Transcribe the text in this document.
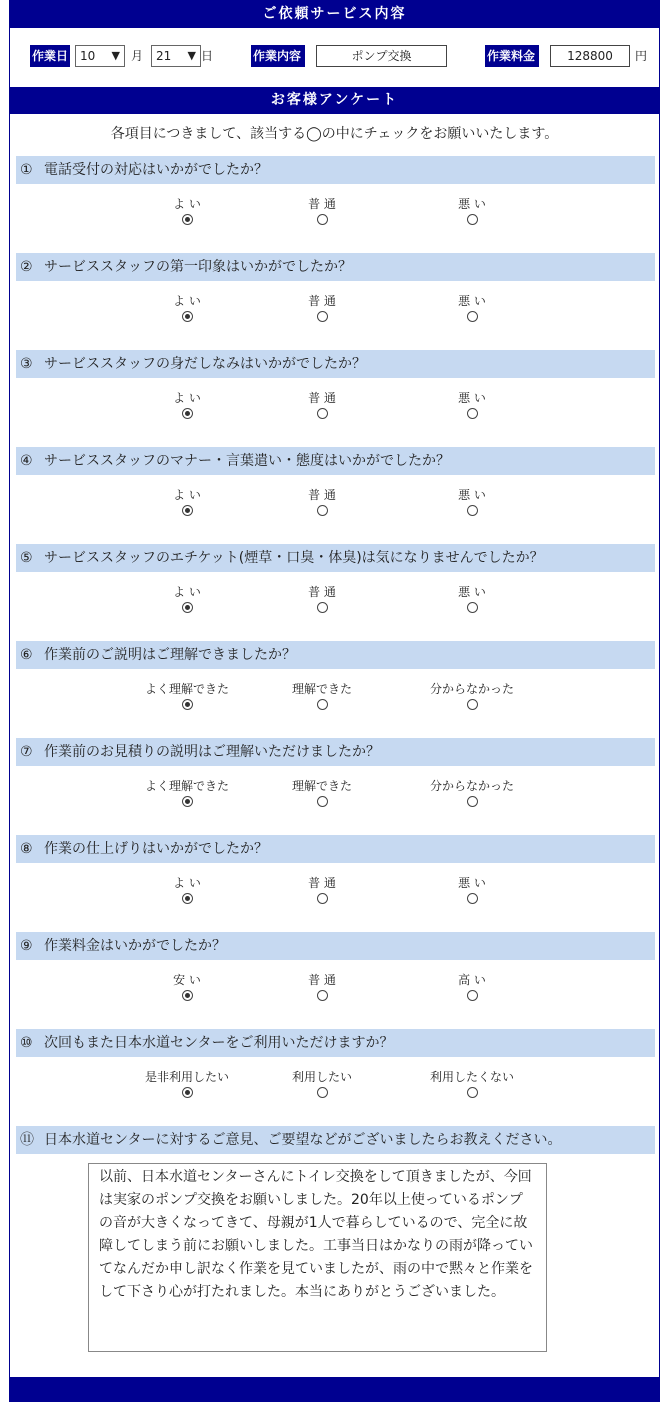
ご依頼サービス内容
作業日 10 ▼ 月	21 ▼ 日	作業内容	ポンプ交換	作業料金	128800	円
お客様アンケート
各項目につきまして、該当する◯の中にチェックをお願いいたします。
① 電話受付の対応はいかがでしたか？
よ い	普 通	悪 い
② サービススタッフの第一印象はいかがでしたか？
よ い	普 通	悪 い
③ サービススタッフの身だしなみはいかがでしたか？
よ い	普 通	悪 い
④ サービススタッフのマナー・言葉遣い・態度はいかがでしたか？
よ い	普 通	悪 い
⑤ サービススタッフのエチケット(煙草・口臭・体臭)は気になりませんでしたか？
よ い	普 通	悪 い
⑥ 作業前のご説明はご理解できましたか？
よく理解できた	理解できた	分からなかった
⑦ 作業前のお見積りの説明はご理解いただけましたか？
よく理解できた	理解できた	分からなかった
⑧ 作業の仕上げりはいかがでしたか？
よ い	普 通	悪 い
⑨ 作業料金はいかがでしたか？
安 い	普 通	高 い
⑩ 次回もまた日本水道センターをご利用いただけますか？
是非利用したい	利用したい	利用したくない
⑪ 日本水道センターに対するご意見、ご要望などがございましたらお教えください。
以前、日本水道センターさんにトイレ交換をして頂きましたが、今回は実家のポンプ交換をお願いしました。20年以上使っているポンプの音が大きくなってきて、母親が1人で暮らしているので、完全に故障してしまう前にお願いしました。工事当日はかなりの雨が降っていてなんだか申し訳なく作業を見ていましたが、雨の中で黙々と作業をして下さり心が打たれました。本当にありがとうございました。
